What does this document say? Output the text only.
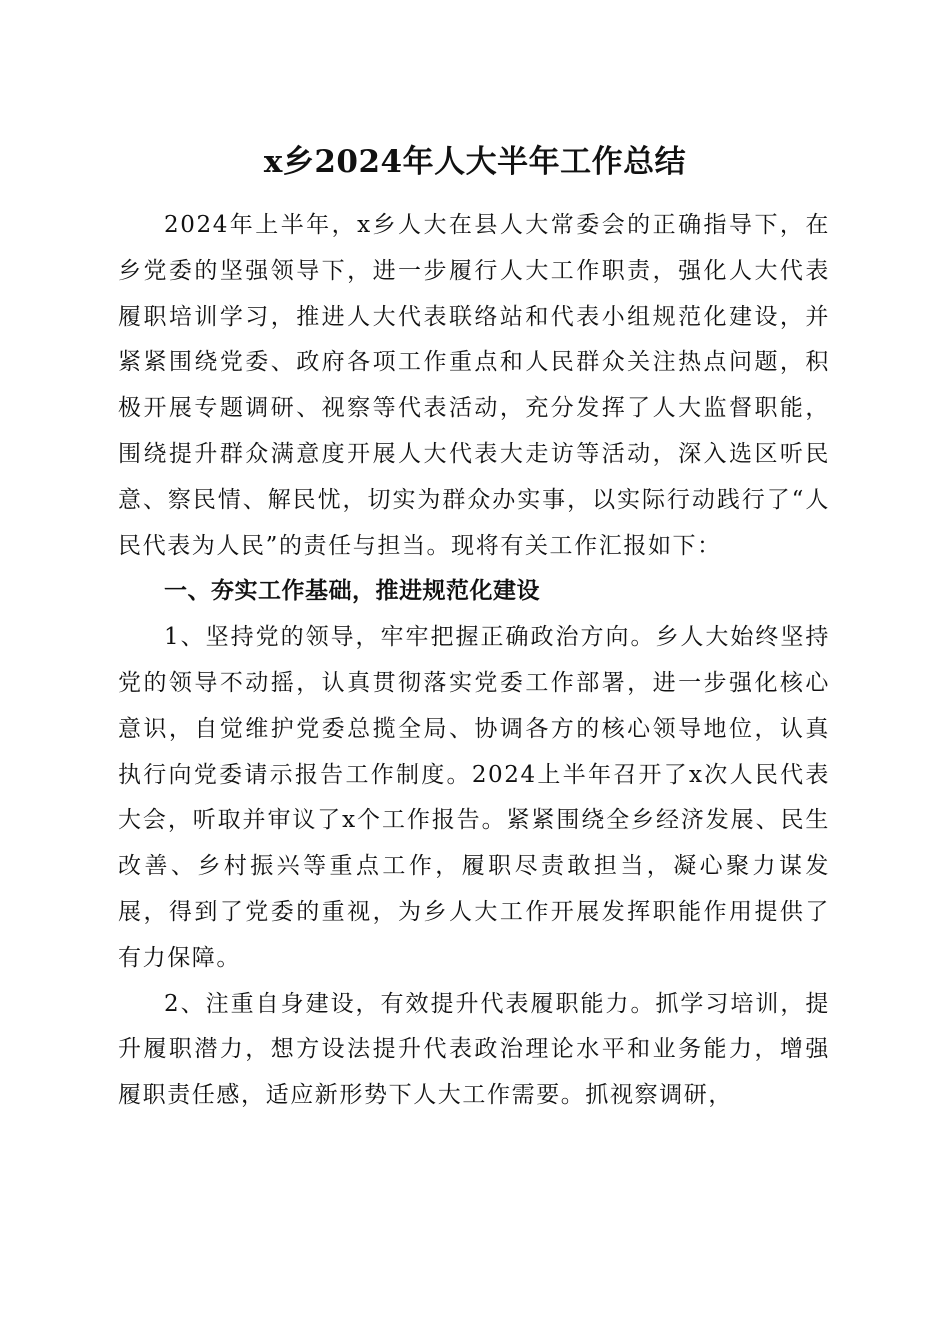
x乡2024年人大半年工作总结

2024年上半年，x乡人大在县人大常委会的正确指导下，在乡党委的坚强领导下，进一步履行人大工作职责，强化人大代表履职培训学习，推进人大代表联络站和代表小组规范化建设，并紧紧围绕党委、政府各项工作重点和人民群众关注热点问题，积极开展专题调研、视察等代表活动，充分发挥了人大监督职能，围绕提升群众满意度开展人大代表大走访等活动，深入选区听民意、察民情、解民忧，切实为群众办实事，以实际行动践行了“人民代表为人民”的责任与担当。现将有关工作汇报如下：

一、夯实工作基础，推进规范化建设

1、坚持党的领导，牢牢把握正确政治方向。乡人大始终坚持党的领导不动摇，认真贯彻落实党委工作部署，进一步强化核心意识，自觉维护党委总揽全局、协调各方的核心领导地位，认真执行向党委请示报告工作制度。2024上半年召开了x次人民代表大会，听取并审议了x个工作报告。紧紧围绕全乡经济发展、民生改善、乡村振兴等重点工作，履职尽责敢担当，凝心聚力谋发展，得到了党委的重视，为乡人大工作开展发挥职能作用提供了有力保障。

2、注重自身建设，有效提升代表履职能力。抓学习培训，提升履职潜力，想方设法提升代表政治理论水平和业务能力，增强履职责任感，适应新形势下人大工作需要。抓视察调研，
